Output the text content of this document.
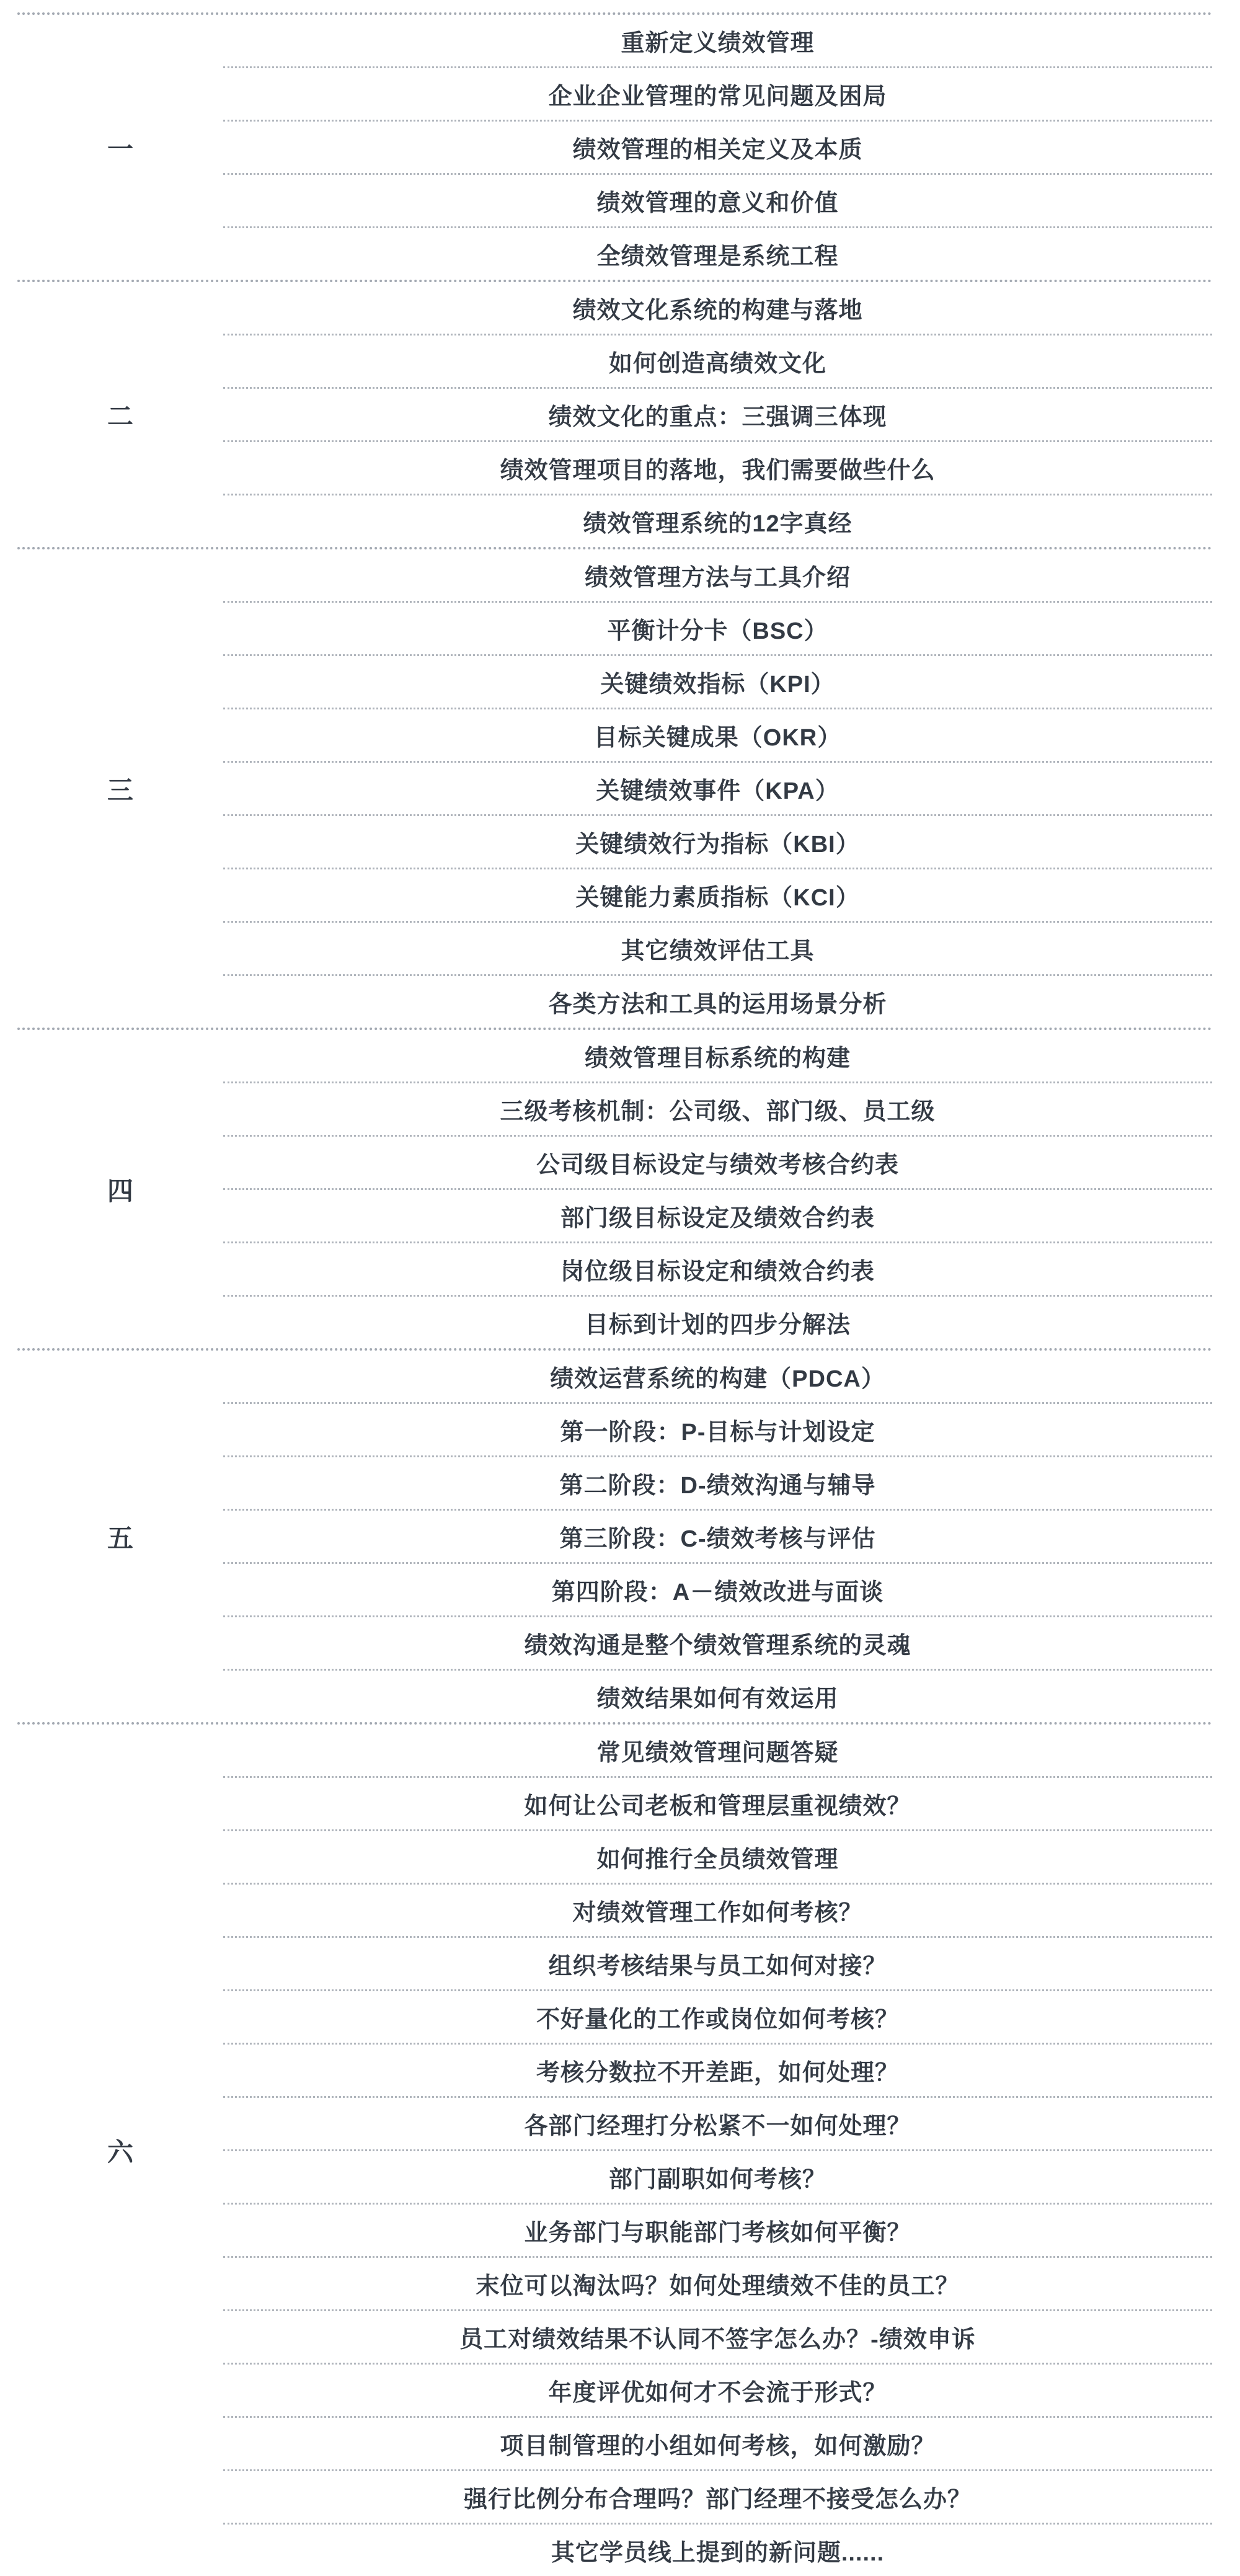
一
重新定义绩效管理
企业企业管理的常见问题及困局
绩效管理的相关定义及本质
绩效管理的意义和价值
全绩效管理是系统工程
二
绩效文化系统的构建与落地
如何创造高绩效文化
绩效文化的重点：三强调三体现
绩效管理项目的落地，我们需要做些什么
绩效管理系统的12字真经
三
绩效管理方法与工具介绍
平衡计分卡（BSC）
关键绩效指标（KPI）
目标关键成果（OKR）
关键绩效事件（KPA）
关键绩效行为指标（KBI）
关键能力素质指标（KCI）
其它绩效评估工具
各类方法和工具的运用场景分析
四
绩效管理目标系统的构建
三级考核机制：公司级、部门级、员工级
公司级目标设定与绩效考核合约表
部门级目标设定及绩效合约表
岗位级目标设定和绩效合约表
目标到计划的四步分解法
五
绩效运营系统的构建（PDCA）
第一阶段：P-目标与计划设定
第二阶段：D-绩效沟通与辅导
第三阶段：C-绩效考核与评估
第四阶段：A－绩效改进与面谈
绩效沟通是整个绩效管理系统的灵魂
绩效结果如何有效运用
六
常见绩效管理问题答疑
如何让公司老板和管理层重视绩效？
如何推行全员绩效管理
对绩效管理工作如何考核？
组织考核结果与员工如何对接？
不好量化的工作或岗位如何考核？
考核分数拉不开差距，如何处理？
各部门经理打分松紧不一如何处理？
部门副职如何考核？
业务部门与职能部门考核如何平衡？
末位可以淘汰吗？如何处理绩效不佳的员工？
员工对绩效结果不认同不签字怎么办？-绩效申诉
年度评优如何才不会流于形式？
项目制管理的小组如何考核，如何激励？
强行比例分布合理吗？部门经理不接受怎么办？
其它学员线上提到的新问题......
